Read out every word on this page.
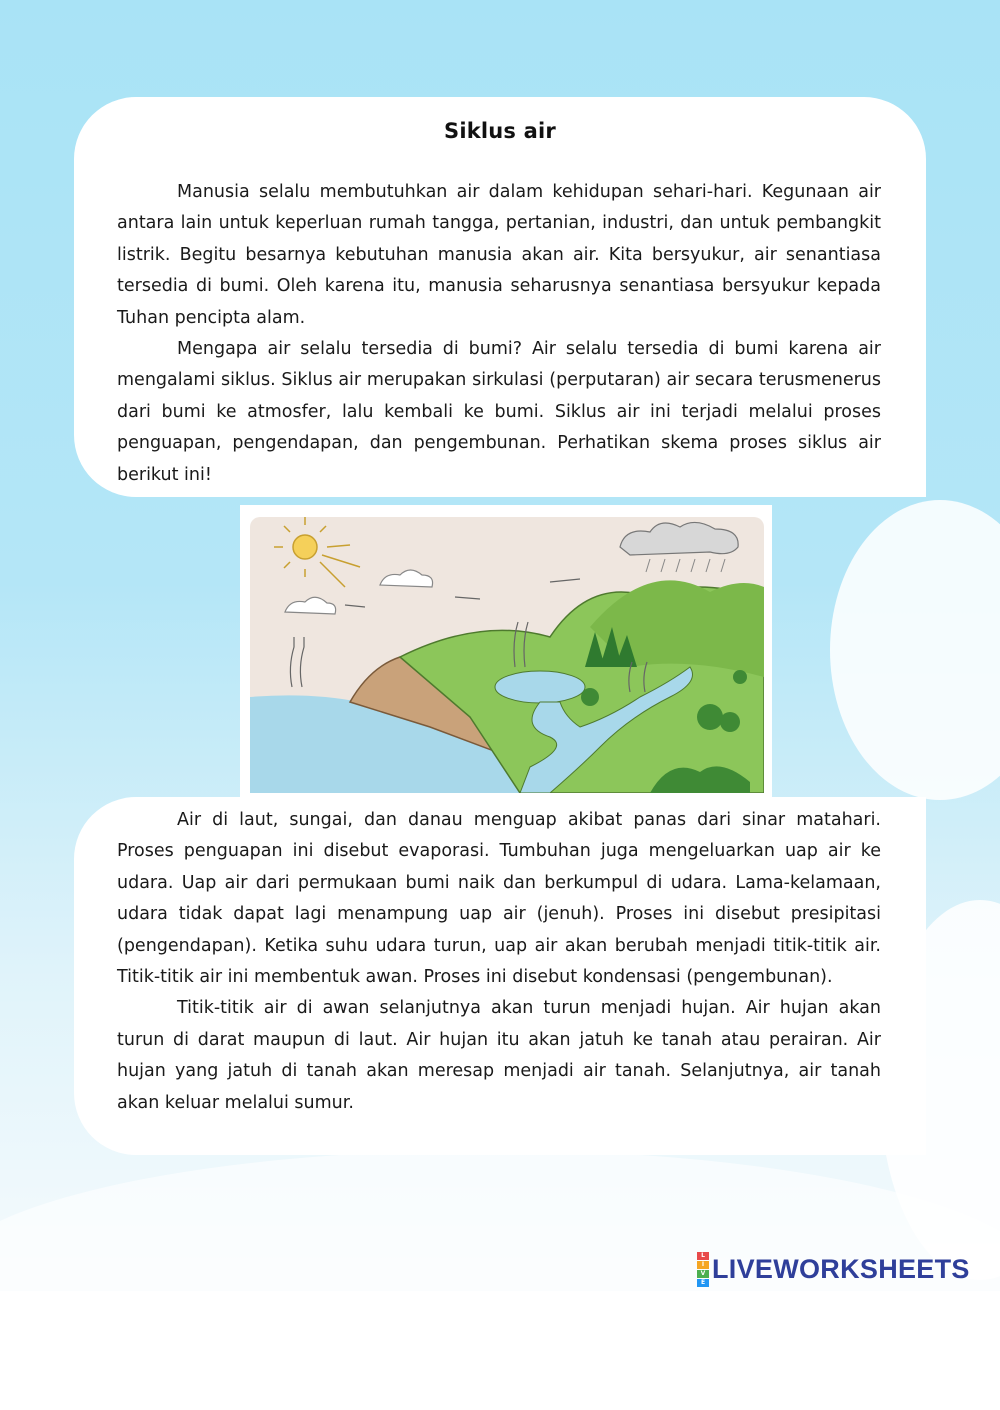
Siklus air

Manusia selalu membutuhkan air dalam kehidupan sehari-hari. Kegunaan air antara lain untuk keperluan rumah tangga, pertanian, industri, dan untuk pembangkit listrik. Begitu besarnya kebutuhan manusia akan air. Kita bersyukur, air senantiasa tersedia di bumi. Oleh karena itu, manusia seharusnya senantiasa bersyukur kepada Tuhan pencipta alam.

Mengapa air selalu tersedia di bumi? Air selalu tersedia di bumi karena air mengalami siklus. Siklus air merupakan sirkulasi (perputaran) air secara terusmenerus dari bumi ke atmosfer, lalu kembali ke bumi. Siklus air ini terjadi melalui proses penguapan, pengendapan, dan pengembunan. Perhatikan skema proses siklus air berikut ini!

Air di laut, sungai, dan danau menguap akibat panas dari sinar matahari. Proses penguapan ini disebut evaporasi. Tumbuhan juga mengeluarkan uap air ke udara. Uap air dari permukaan bumi naik dan berkumpul di udara. Lama-kelamaan, udara tidak dapat lagi menampung uap air (jenuh). Proses ini disebut presipitasi (pengendapan). Ketika suhu udara turun, uap air akan berubah menjadi titik-titik air. Titik-titik air ini membentuk awan. Proses ini disebut kondensasi (pengembunan).

Titik-titik air di awan selanjutnya akan turun menjadi hujan. Air hujan akan turun di darat maupun di laut. Air hujan itu akan jatuh ke tanah atau perairan. Air hujan yang jatuh di tanah akan meresap menjadi air tanah. Selanjutnya, air tanah akan keluar melalui sumur.

L
I
V
E LIVEWORKSHEETS
